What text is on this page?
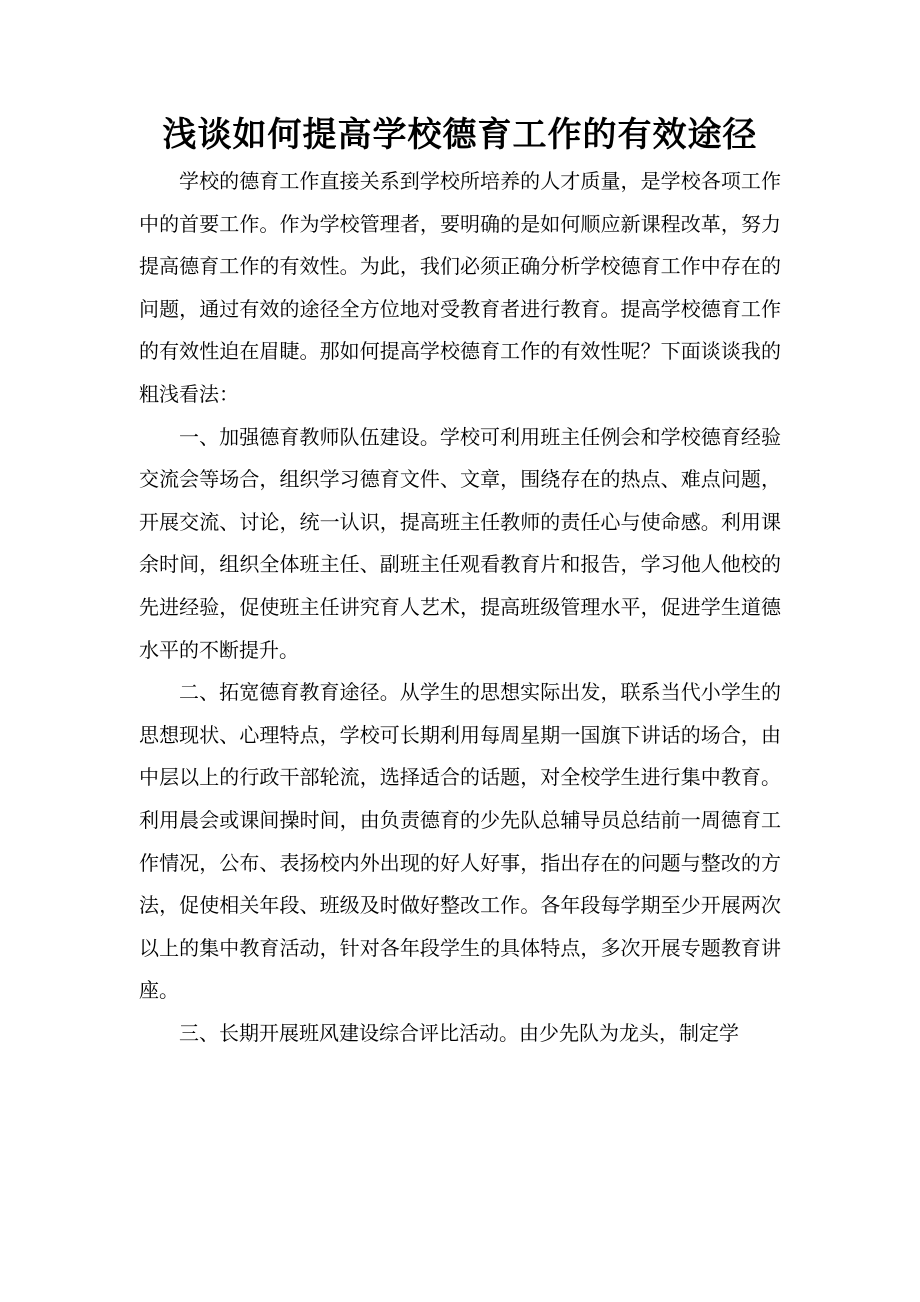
浅谈如何提高学校德育工作的有效途径

学校的德育工作直接关系到学校所培养的人才质量，是学校各项工作中的首要工作。作为学校管理者，要明确的是如何顺应新课程改革，努力提高德育工作的有效性。为此，我们必须正确分析学校德育工作中存在的问题，通过有效的途径全方位地对受教育者进行教育。提高学校德育工作的有效性迫在眉睫。那如何提高学校德育工作的有效性呢？下面谈谈我的粗浅看法：

一、加强德育教师队伍建设。学校可利用班主任例会和学校德育经验交流会等场合，组织学习德育文件、文章，围绕存在的热点、难点问题，开展交流、讨论，统一认识，提高班主任教师的责任心与使命感。利用课余时间，组织全体班主任、副班主任观看教育片和报告，学习他人他校的先进经验，促使班主任讲究育人艺术，提高班级管理水平，促进学生道德水平的不断提升。

二、拓宽德育教育途径。从学生的思想实际出发，联系当代小学生的思想现状、心理特点，学校可长期利用每周星期一国旗下讲话的场合，由中层以上的行政干部轮流，选择适合的话题，对全校学生进行集中教育。利用晨会或课间操时间，由负责德育的少先队总辅导员总结前一周德育工作情况，公布、表扬校内外出现的好人好事，指出存在的问题与整改的方法，促使相关年段、班级及时做好整改工作。各年段每学期至少开展两次以上的集中教育活动，针对各年段学生的具体特点，多次开展专题教育讲座。

三、长期开展班风建设综合评比活动。由少先队为龙头，制定学
